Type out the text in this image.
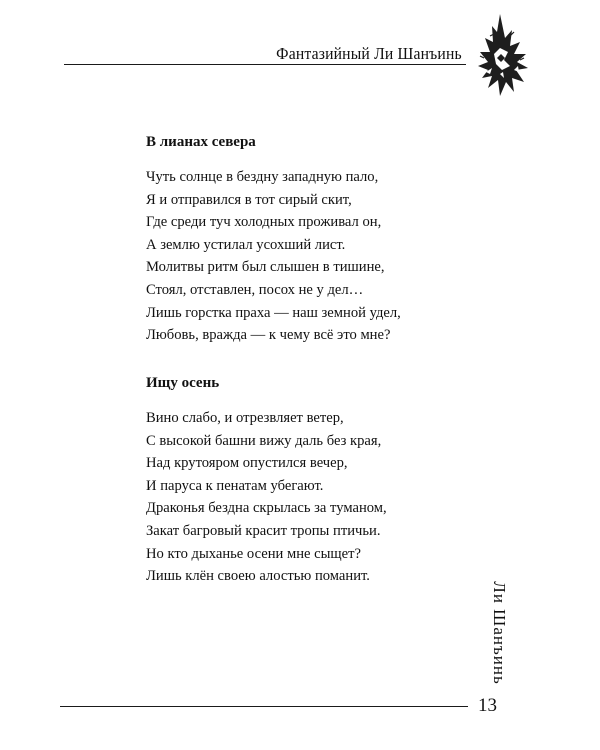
Фантазийный Ли Шанъинь
В лианах севера
Чуть солнце в бездну западную пало,
Я и отправился в тот сирый скит,
Где среди туч холодных проживал он,
А землю устилал усохший лист.
Молитвы ритм был слышен в тишине,
Стоял, отставлен, посох не у дел…
Лишь горстка праха — наш земной удел,
Любовь, вражда — к чему всё это мне?
Ищу осень
Вино слабо, и отрезвляет ветер,
С высокой башни вижу даль без края,
Над крутояром опустился вечер,
И паруса к пенатам убегают.
Драконья бездна скрылась за туманом,
Закат багровый красит тропы птичьи.
Но кто дыханье осени мне сыщет?
Лишь клён своею алостью поманит.
Ли Шанъинь
13
